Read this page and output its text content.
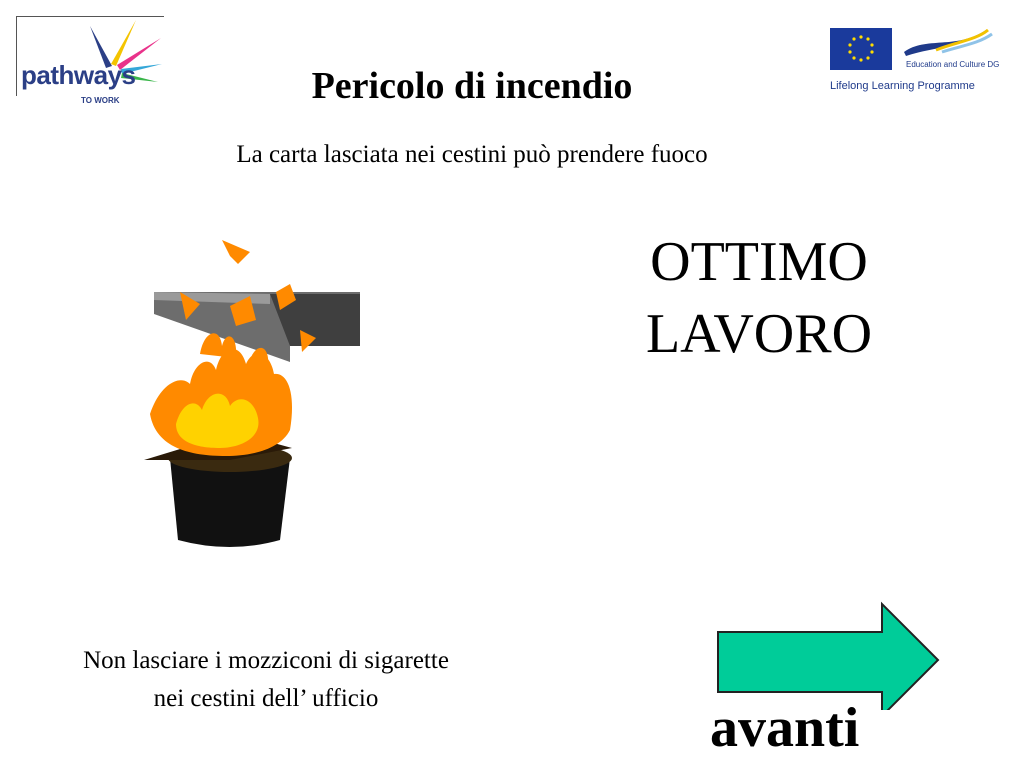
pathways
TO WORK
Education and Culture DG
Lifelong Learning Programme
Pericolo di incendio
La carta lasciata nei cestini può prendere fuoco
OTTIMO
LAVORO
Non lasciare i mozziconi di sigarette
nei cestini dell’ ufficio	avanti
